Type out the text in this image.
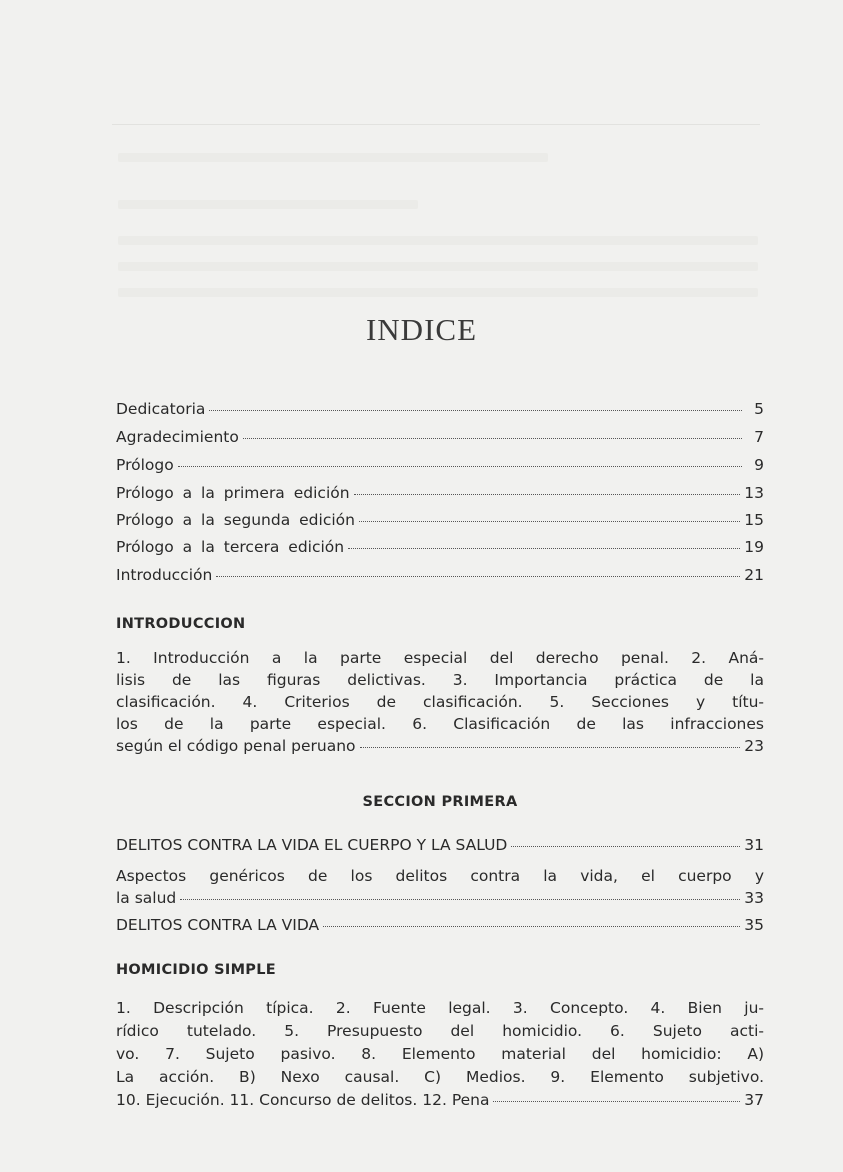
INDICE
Dedicatoria	5
Agradecimiento	7
Prólogo	9
Prólogo a la primera edición	13
Prólogo a la segunda edición	15
Prólogo a la tercera edición	19
Introducción	21
INTRODUCCION
1. Introducción a la parte especial del derecho penal. 2. Aná-
lisis de las figuras delictivas. 3. Importancia práctica de la
clasificación. 4. Criterios de clasificación. 5. Secciones y títu-
los de la parte especial. 6. Clasificación de las infracciones
según el código penal peruano	23
SECCION PRIMERA
DELITOS CONTRA LA VIDA EL CUERPO Y LA SALUD	31
Aspectos genéricos de los delitos contra la vida, el cuerpo y
la salud	33
DELITOS CONTRA LA VIDA	35
HOMICIDIO SIMPLE
1. Descripción típica. 2. Fuente legal. 3. Concepto. 4. Bien ju-
rídico tutelado. 5. Presupuesto del homicidio. 6. Sujeto acti-
vo. 7. Sujeto pasivo. 8. Elemento material del homicidio: A)
La acción. B) Nexo causal. C) Medios. 9. Elemento subjetivo.
10. Ejecución. 11. Concurso de delitos. 12. Pena	37
